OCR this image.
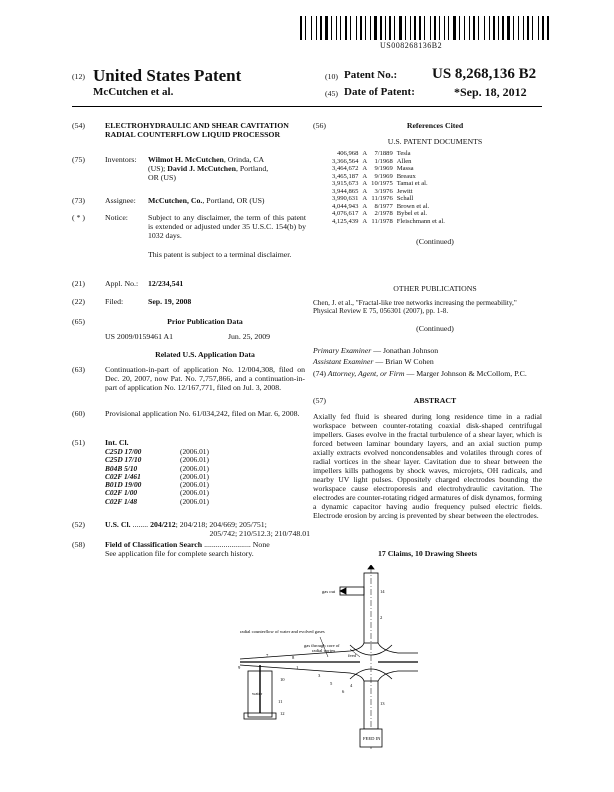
US008268136B2
(12) United States Patent
McCutchen et al.
(10) Patent No.: US 8,268,136 B2
(45) Date of Patent:	*Sep. 18, 2012
(54)	ELECTROHYDRAULIC AND SHEAR CAVITATION RADIAL COUNTERFLOW LIQUID PROCESSOR
(75)	Inventors: Wilmot H. McCutchen, Orinda, CA
(US); David J. McCutchen, Portland,
OR (US)
(73)	Assignee: McCutchen, Co., Portland, OR (US)
( * )	Notice:	Subject to any disclaimer, the term of this patent is extended or adjusted under 35 U.S.C. 154(b) by 1032 days.
This patent is subject to a terminal disclaimer.
(21)	Appl. No.: 12/234,541
(22)	Filed:	Sep. 19, 2008
(65)	Prior Publication Data
US 2009/0159461 A1	Jun. 25, 2009
Related U.S. Application Data
(63)	Continuation-in-part of application No. 12/004,308, filed on Dec. 20, 2007, now Pat. No. 7,757,866, and a continuation-in-part of application No. 12/167,771, filed on Jul. 3, 2008.
(60)	Provisional application No. 61/034,242, filed on Mar. 6, 2008.
(51)	Int. Cl.
C25D 17/00	(2006.01)
C25D 17/10	(2006.01)
B04B 5/10	(2006.01)
C02F 1/461	(2006.01)
B01D 19/00	(2006.01)
C02F 1/00	(2006.01)
C02F 1/48	(2006.01)
(52)	U.S. Cl. ........ 204/212; 204/218; 204/669; 205/751;
205/742; 210/512.3; 210/748.01
(58)	Field of Classification Search ........................ None
See application file for complete search history.
(56)	References Cited
U.S. PATENT DOCUMENTS
406,968	A	7/1889	Tesla
3,366,564	A	1/1968	Allen
3,464,672	A	9/1969	Massa
3,465,187	A	9/1969	Breaux
3,915,673	A	10/1975	Tamai et al.
3,944,865	A	3/1976	Jewitt
3,990,631	A	11/1976	Schall
4,044,943	A	8/1977	Brown et al.
4,076,617	A	2/1978	Bybel et al.
4,125,439	A	11/1978	Fleischmann et al.
(Continued)
OTHER PUBLICATIONS
Chen, J. et al., "Fractal-like tree networks increasing the permeability," Physical Review E 75, 056301 (2007), pp. 1-8.
(Continued)
Primary Examiner — Jonathan Johnson
Assistant Examiner — Brian W Cohen
(74) Attorney, Agent, or Firm — Marger Johnson & McCollom, P.C.
(57)	ABSTRACT
Axially fed fluid is sheared during long residence time in a radial workspace between counter-rotating coaxial disk-shaped centrifugal impellers. Gases evolve in the fractal turbulence of a shear layer, which is forced between laminar boundary layers, and an axial suction pump axially extracts evolved noncondensables and volatiles through cores of radial vortices in the shear layer. Cavitation due to shear between the impellers kills pathogens by shock waves, microjets, OH radicals, and nearby UV light pulses. Oppositely charged electrodes bounding the workspace cause electroporesis and electrohydraulic cavitation. The electrodes are counter-rotating ridged armatures of disk dynamos, forming a dynamic capacitor having audio frequency pulsed electric fields. Electrode erosion by arcing is prevented by shear between the electrodes.
17 Claims, 10 Drawing Sheets
gas out
radial counterflow of water and evolved gases
gas through core of
radial vortex
feed
water
FEED IN
14
2
1
3
4
5
6
7	8
9
10
11
12
13
